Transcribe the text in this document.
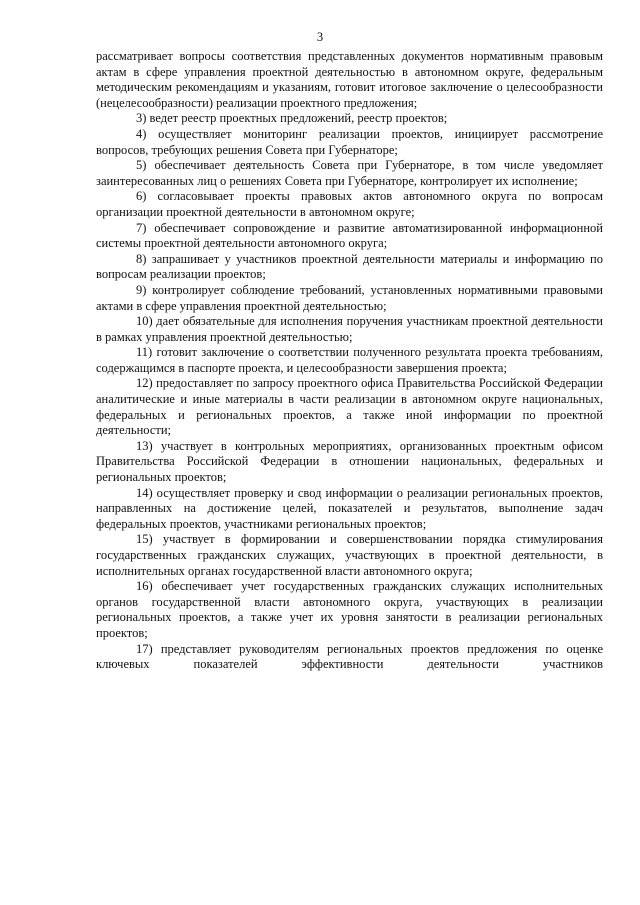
3

рассматривает вопросы соответствия представленных документов нормативным правовым актам в сфере управления проектной деятельностью в автономном округе, федеральным методическим рекомендациям и указаниям, готовит итоговое заключение о целесообразности (нецелесообразности) реализации проектного предложения;

3) ведет реестр проектных предложений, реестр проектов;

4) осуществляет мониторинг реализации проектов, инициирует рассмотрение вопросов, требующих решения Совета при Губернаторе;

5) обеспечивает деятельность Совета при Губернаторе, в том числе уведомляет заинтересованных лиц о решениях Совета при Губернаторе, контролирует их исполнение;

6) согласовывает проекты правовых актов автономного округа по вопросам организации проектной деятельности в автономном округе;

7) обеспечивает сопровождение и развитие автоматизированной информационной системы проектной деятельности автономного округа;

8) запрашивает у участников проектной деятельности материалы и информацию по вопросам реализации проектов;

9) контролирует соблюдение требований, установленных нормативными правовыми актами в сфере управления проектной деятельностью;

10) дает обязательные для исполнения поручения участникам проектной деятельности в рамках управления проектной деятельностью;

11) готовит заключение о соответствии полученного результата проекта требованиям, содержащимся в паспорте проекта, и целесообразности завершения проекта;

12) предоставляет по запросу проектного офиса Правительства Российской Федерации аналитические и иные материалы в части реализации в автономном округе национальных, федеральных и региональных проектов, а также иной информации по проектной деятельности;

13) участвует в контрольных мероприятиях, организованных проектным офисом Правительства Российской Федерации в отношении национальных, федеральных и региональных проектов;

14) осуществляет проверку и свод информации о реализации региональных проектов, направленных на достижение целей, показателей и результатов, выполнение задач федеральных проектов, участниками региональных проектов;

15) участвует в формировании и совершенствовании порядка стимулирования государственных гражданских служащих, участвующих в проектной деятельности, в исполнительных органах государственной власти автономного округа;

16) обеспечивает учет государственных гражданских служащих исполнительных органов государственной власти автономного округа, участвующих в реализации региональных проектов, а также учет их уровня занятости в реализации региональных проектов;

17) представляет руководителям региональных проектов предложения по оценке ключевых показателей эффективности деятельности участников
